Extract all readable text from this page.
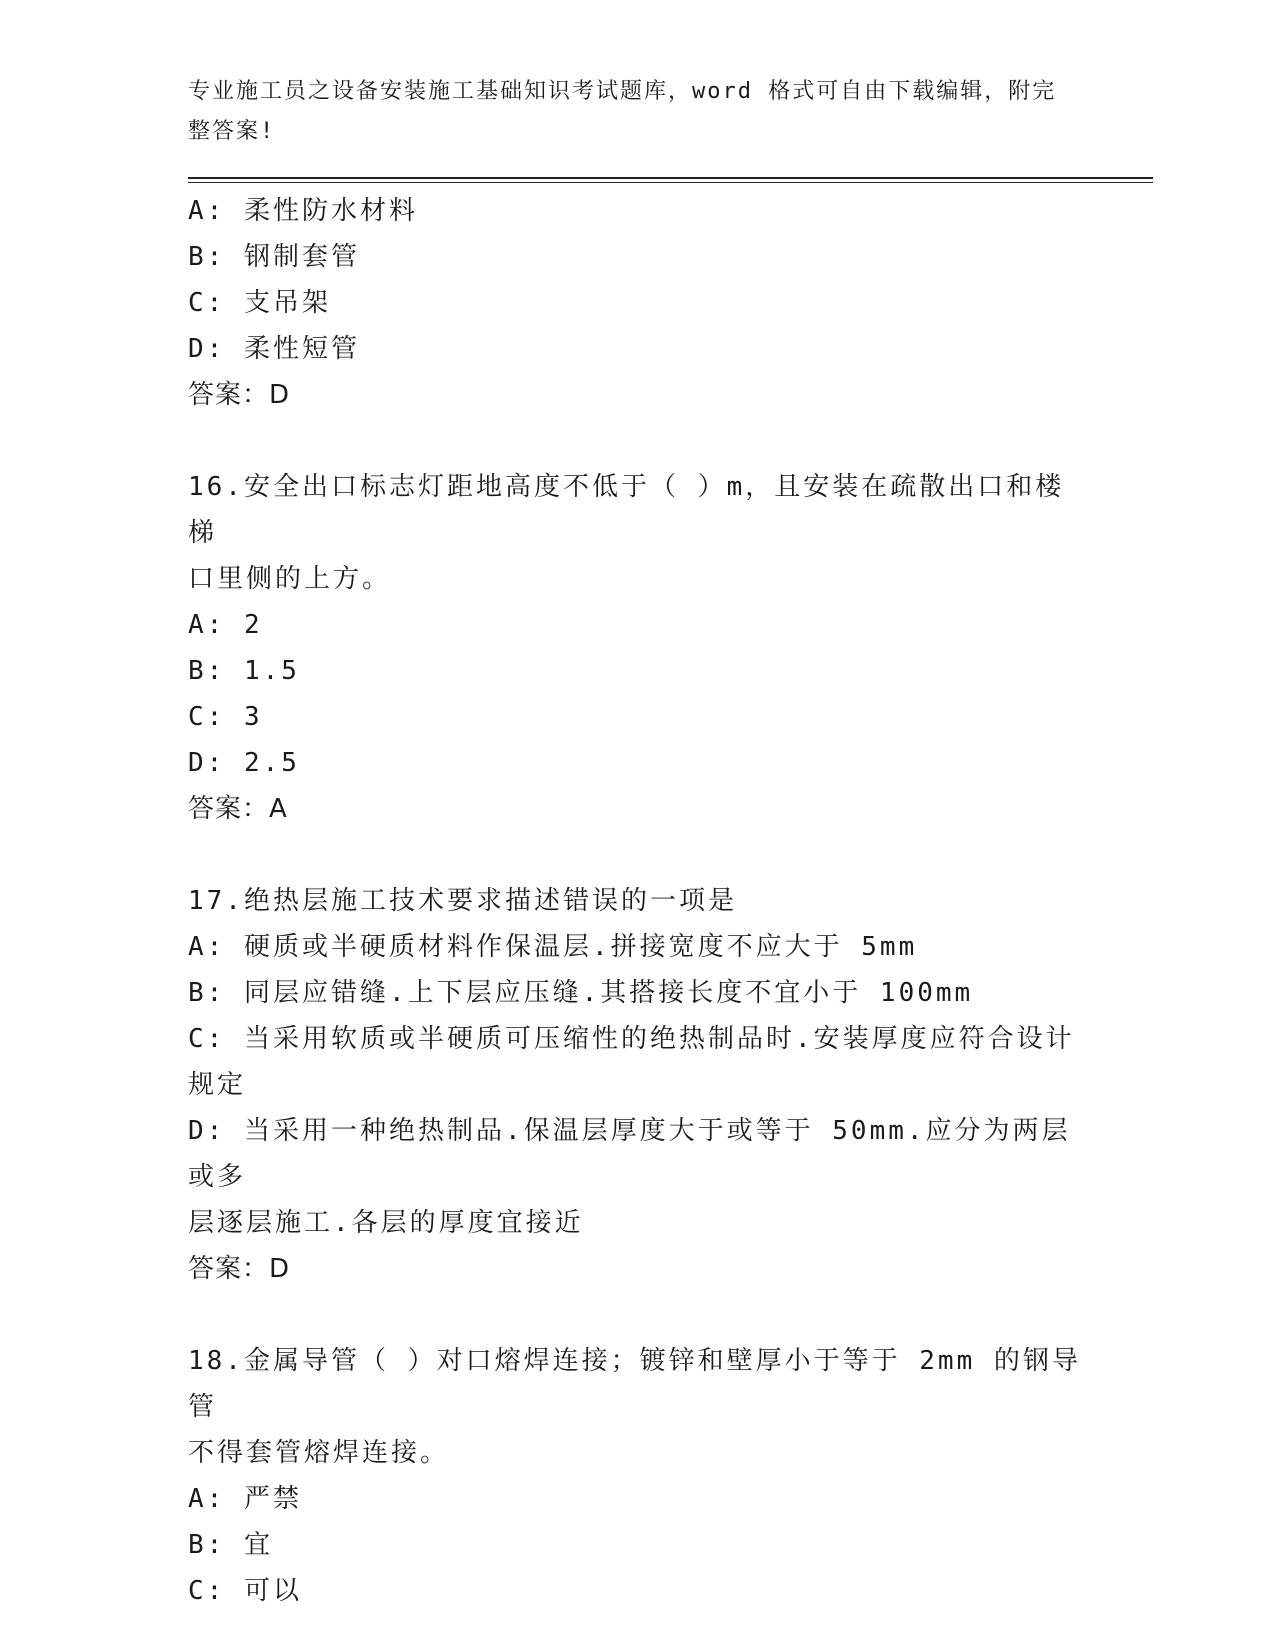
专业施工员之设备安装施工基础知识考试题库，word 格式可自由下载编辑，附完
整答案!
A: 柔性防水材料
B: 钢制套管
C: 支吊架
D: 柔性短管
答案：D
16.安全出口标志灯距地高度不低于（ ）m，且安装在疏散出口和楼梯
口里侧的上方。
A: 2
B: 1.5
C: 3
D: 2.5
答案：A
17.绝热层施工技术要求描述错误的一项是
A: 硬质或半硬质材料作保温层.拼接宽度不应大于 5mm
B: 同层应错缝.上下层应压缝.其搭接长度不宜小于 100mm
C: 当采用软质或半硬质可压缩性的绝热制品时.安装厚度应符合设计
规定
D: 当采用一种绝热制品.保温层厚度大于或等于 50mm.应分为两层或多
层逐层施工.各层的厚度宜接近
答案：D
18.金属导管（ ）对口熔焊连接；镀锌和壁厚小于等于 2mm 的钢导管
不得套管熔焊连接。
A: 严禁
B: 宜
C: 可以
